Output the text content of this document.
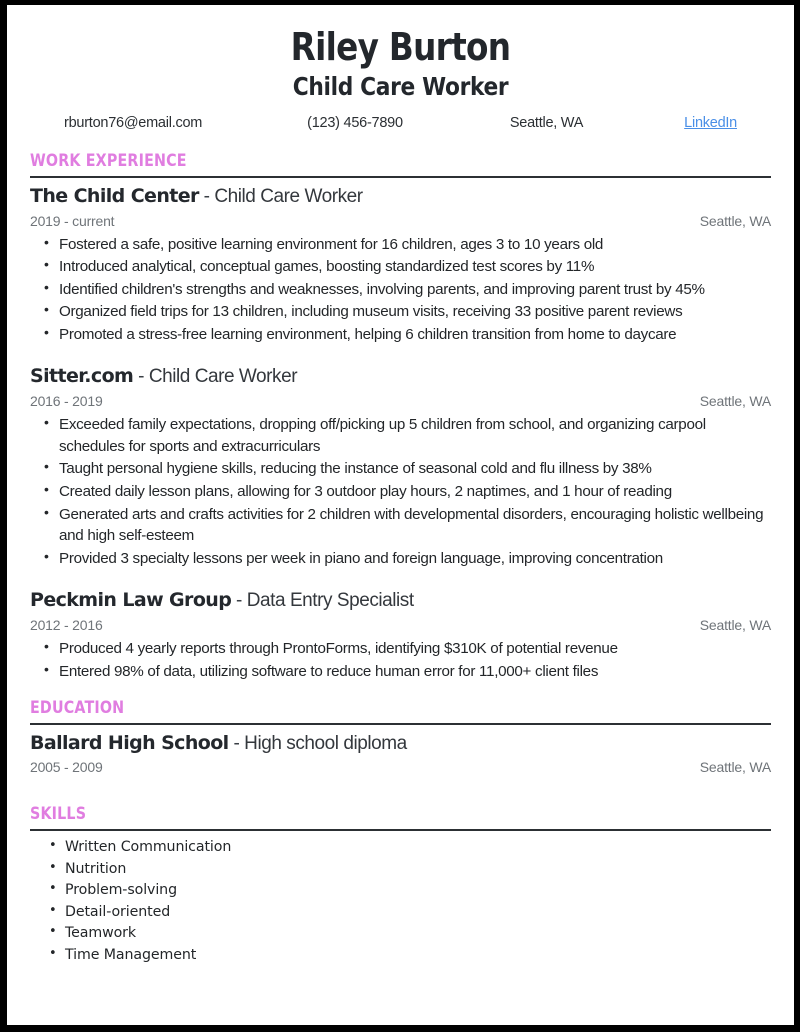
Riley Burton
Child Care Worker
rburton76@email.com	(123) 456-7890	Seattle, WA	LinkedIn
WORK EXPERIENCE
The Child Center - Child Care Worker
2019 - current	Seattle, WA
• Fostered a safe, positive learning environment for 16 children, ages 3 to 10 years old
• Introduced analytical, conceptual games, boosting standardized test scores by 11%
• Identified children's strengths and weaknesses, involving parents, and improving parent trust by 45%
• Organized field trips for 13 children, including museum visits, receiving 33 positive parent reviews
• Promoted a stress-free learning environment, helping 6 children transition from home to daycare
Sitter.com - Child Care Worker
2016 - 2019	Seattle, WA
• Exceeded family expectations, dropping off/picking up 5 children from school, and organizing carpool schedules for sports and extracurriculars
• Taught personal hygiene skills, reducing the instance of seasonal cold and flu illness by 38%
• Created daily lesson plans, allowing for 3 outdoor play hours, 2 naptimes, and 1 hour of reading
• Generated arts and crafts activities for 2 children with developmental disorders, encouraging holistic wellbeing and high self-esteem
• Provided 3 specialty lessons per week in piano and foreign language, improving concentration
Peckmin Law Group - Data Entry Specialist
2012 - 2016	Seattle, WA
• Produced 4 yearly reports through ProntoForms, identifying $310K of potential revenue
• Entered 98% of data, utilizing software to reduce human error for 11,000+ client files
EDUCATION
Ballard High School - High school diploma
2005 - 2009	Seattle, WA
SKILLS
• Written Communication
• Nutrition
• Problem-solving
• Detail-oriented
• Teamwork
• Time Management
